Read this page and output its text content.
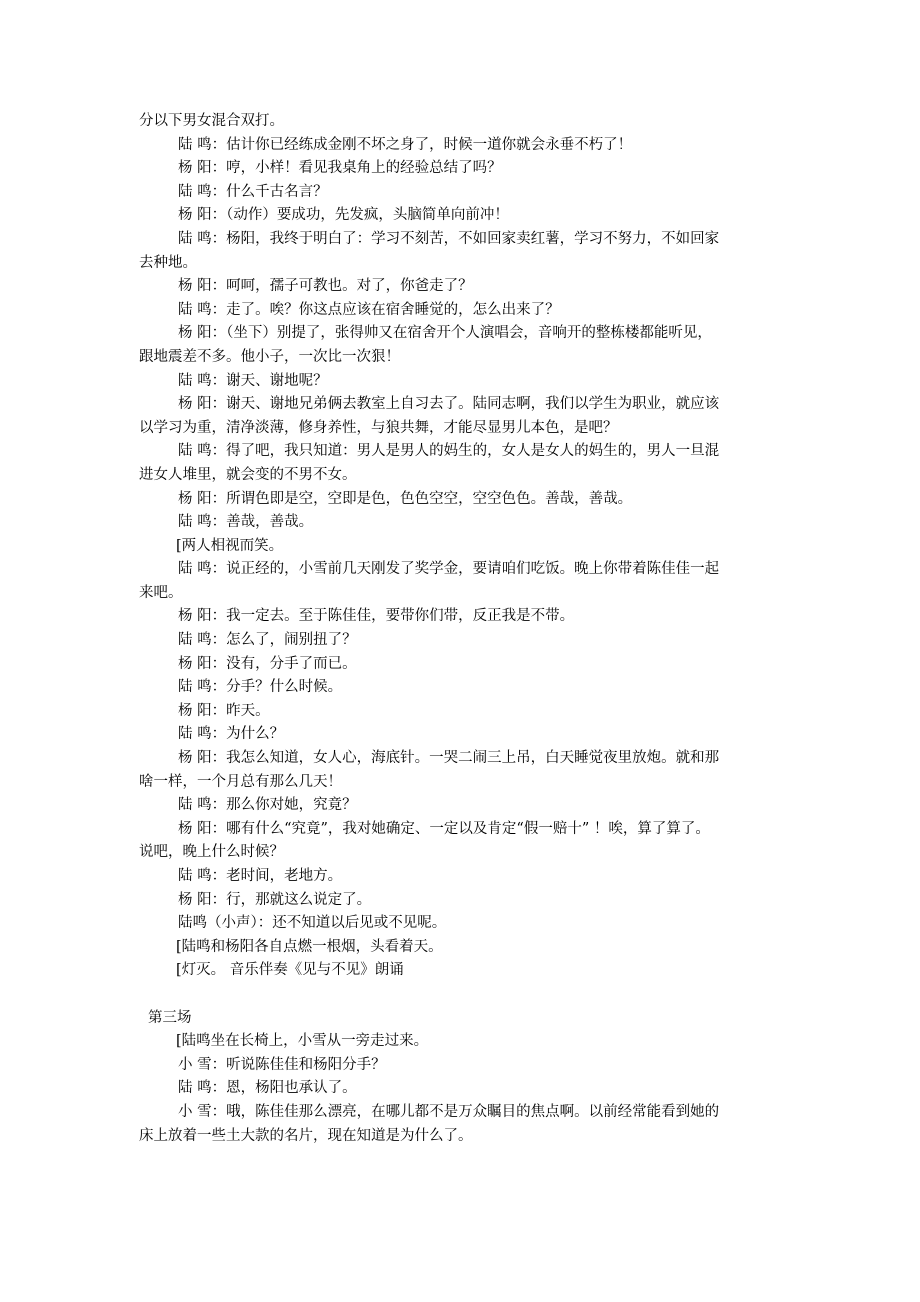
分以下男女混合双打。
陆 鸣：估计你已经练成金刚不坏之身了，时候一道你就会永垂不朽了！
杨 阳：哼，小样！看见我桌角上的经验总结了吗？
陆 鸣：什么千古名言？
杨 阳：（动作）要成功，先发疯，头脑简单向前冲！
陆 鸣：杨阳，我终于明白了：学习不刻苦，不如回家卖红薯，学习不努力，不如回家
去种地。
杨 阳：呵呵，孺子可教也。对了，你爸走了？
陆 鸣：走了。唉？你这点应该在宿舍睡觉的，怎么出来了？
杨 阳：（坐下）别提了，张得帅又在宿舍开个人演唱会，音响开的整栋楼都能听见，
跟地震差不多。他小子，一次比一次狠！
陆 鸣：谢天、谢地呢？
杨 阳：谢天、谢地兄弟俩去教室上自习去了。陆同志啊，我们以学生为职业，就应该
以学习为重，清净淡薄，修身养性，与狼共舞，才能尽显男儿本色，是吧？
陆 鸣：得了吧，我只知道：男人是男人的妈生的，女人是女人的妈生的，男人一旦混
进女人堆里，就会变的不男不女。
杨 阳：所谓色即是空，空即是色，色色空空，空空色色。善哉，善哉。
陆 鸣：善哉，善哉。
[两人相视而笑。
陆 鸣：说正经的，小雪前几天刚发了奖学金，要请咱们吃饭。晚上你带着陈佳佳一起
来吧。
杨 阳：我一定去。至于陈佳佳，要带你们带，反正我是不带。
陆 鸣：怎么了，闹别扭了？
杨 阳：没有，分手了而已。
陆 鸣：分手？什么时候。
杨 阳：昨天。
陆 鸣：为什么？
杨 阳：我怎么知道，女人心，海底针。一哭二闹三上吊，白天睡觉夜里放炮。就和那
啥一样，一个月总有那么几天！
陆 鸣：那么你对她，究竟？
杨 阳：哪有什么“究竟”，我对她确定、一定以及肯定“假一赔十” ！唉，算了算了。
说吧，晚上什么时候？
陆 鸣：老时间，老地方。
杨 阳：行，那就这么说定了。
陆鸣（小声）：还不知道以后见或不见呢。
[陆鸣和杨阳各自点燃一根烟，头看着天。
[灯灭。 音乐伴奏《见与不见》朗诵
第三场
[陆鸣坐在长椅上，小雪从一旁走过来。
小 雪：听说陈佳佳和杨阳分手？
陆 鸣：恩，杨阳也承认了。
小 雪：哦，陈佳佳那么漂亮，在哪儿都不是万众瞩目的焦点啊。以前经常能看到她的
床上放着一些土大款的名片，现在知道是为什么了。
